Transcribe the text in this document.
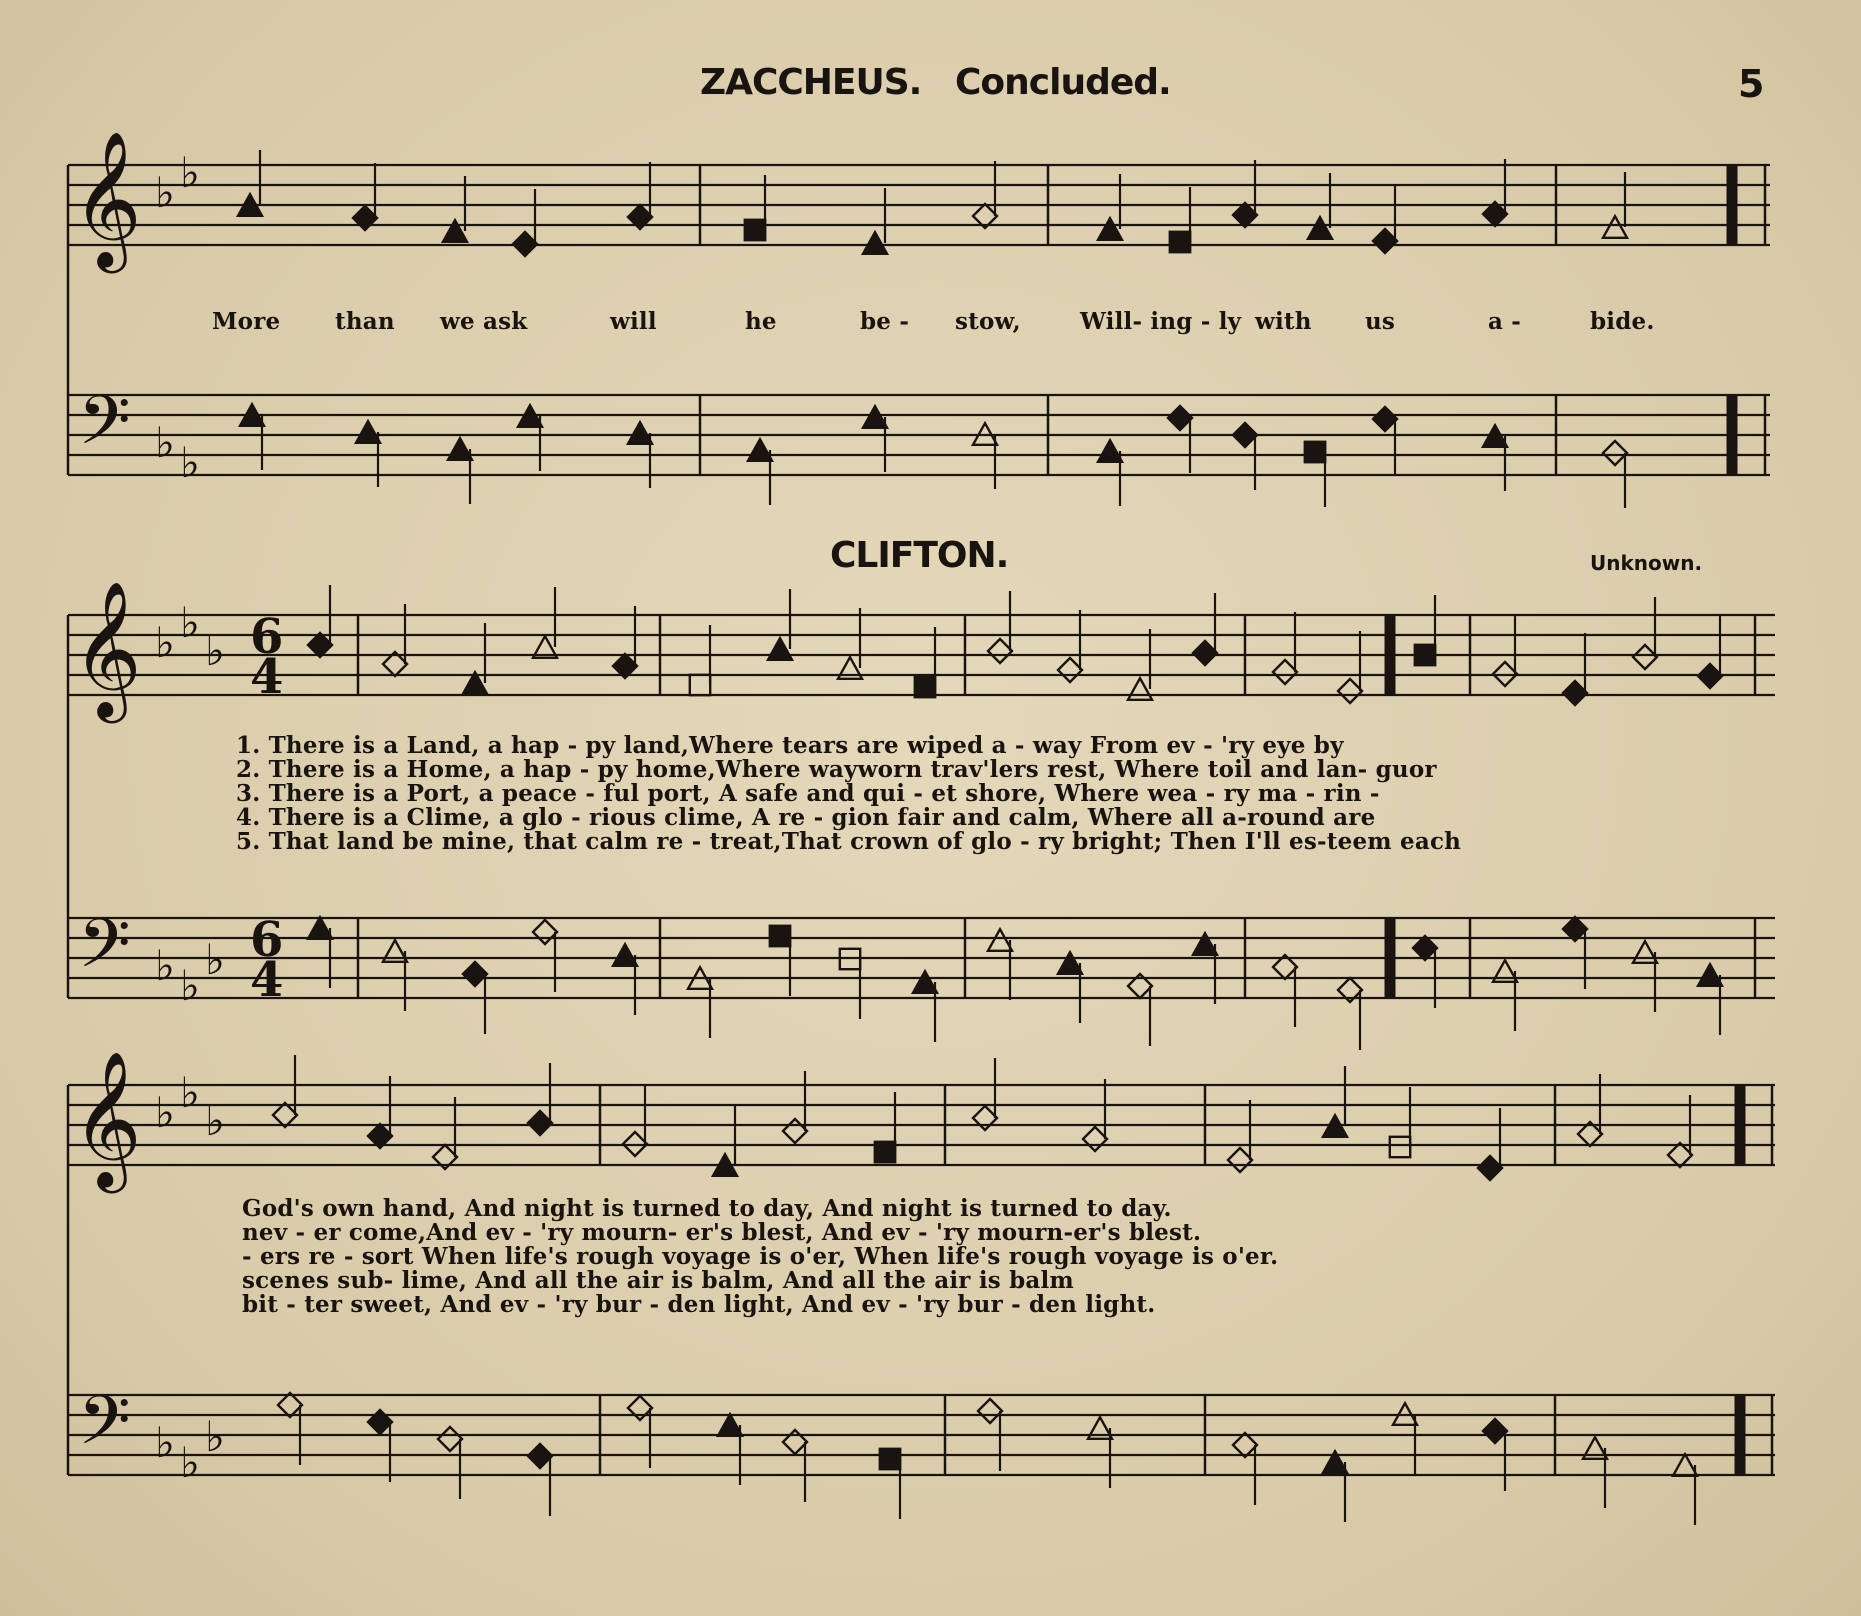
ZACCHEUS. Concluded.	5
CLIFTON.	Unknown.
More than we ask	will	he	be - stow,	Will- ing - ly with us	a -	bide.
1. There is a Land, a hap - py land,Where tears are wiped a - way From ev - 'ry eye by
2. There is a Home, a hap - py home,Where wayworn trav'lers rest, Where toil and lan- guor
3. There is a Port, a peace - ful port, A safe and qui - et shore, Where wea - ry ma - rin -
4. There is a Clime, a glo - rious clime, A re - gion fair and calm, Where all a-round are
5. That land be mine, that calm re - treat,That crown of glo - ry bright; Then I'll es-teem each
God's own hand, And night is turned to day, And night is turned to day.
nev - er come,And ev - 'ry mourn- er's blest, And ev - 'ry mourn-er's blest.
- ers re - sort When life's rough voyage is o'er, When life's rough voyage is o'er.
scenes sub- lime, And all the air is balm, And all the air is balm
bit - ter sweet, And ev - 'ry bur - den light, And ev - 'ry bur - den light.
𝄞
𝄢
♭ ♭
♭ ♭
𝄞
𝄢
♭ ♭
♭
♭ ♭
♭
6
4
6
4
𝄞
𝄢
♭ ♭
♭
♭ ♭
♭
